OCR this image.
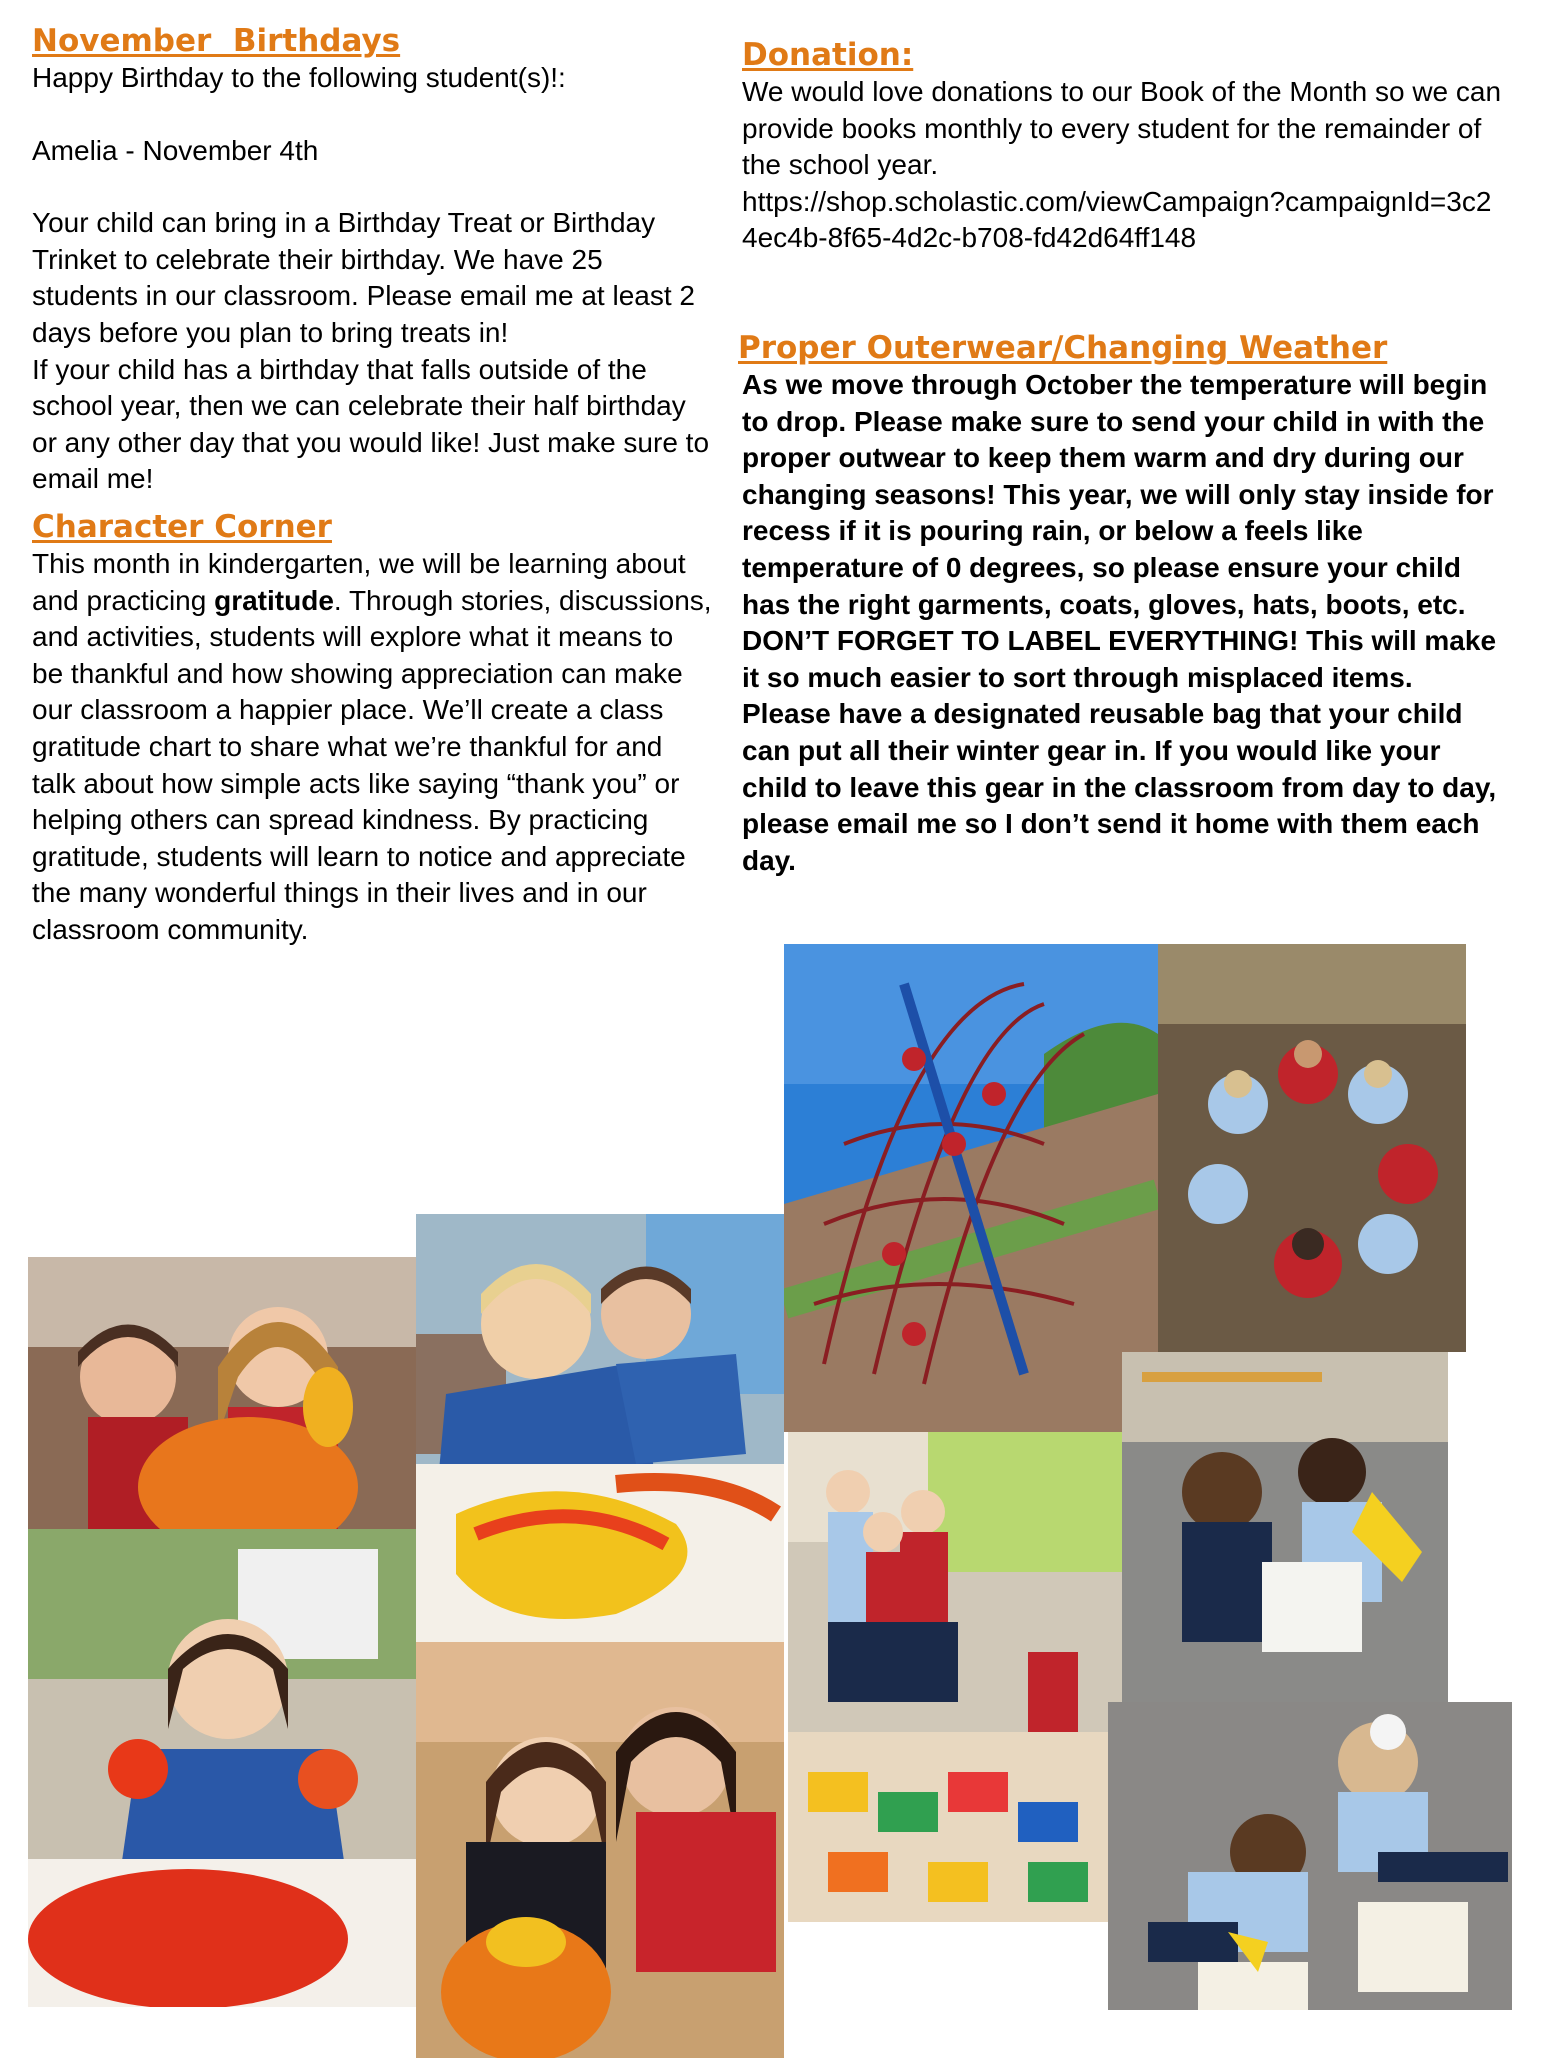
November  Birthdays

Happy Birthday to the following student(s)!:

Amelia - November 4th

Your child can bring in a Birthday Treat or Birthday Trinket to celebrate their birthday. We have 25 students in our classroom. Please email me at least 2 days before you plan to bring treats in!

If your child has a birthday that falls outside of the school year, then we can celebrate their half birthday or any other day that you would like! Just make sure to email me!

Character Corner

This month in kindergarten, we will be learning about and practicing gratitude. Through stories, discussions, and activities, students will explore what it means to be thankful and how showing appreciation can make our classroom a happier place. We’ll create a class gratitude chart to share what we’re thankful for and talk about how simple acts like saying “thank you” or helping others can spread kindness. By practicing gratitude, students will learn to notice and appreciate the many wonderful things in their lives and in our classroom community.

Donation:

We would love donations to our Book of the Month so we can provide books monthly to every student for the remainder of the school year.

https://shop.scholastic.com/viewCampaign?campaignId=3c24ec4b-8f65-4d2c-b708-fd42d64ff148

Proper Outerwear/Changing Weather

As we move through October the temperature will begin to drop. Please make sure to send your child in with the proper outwear to keep them warm and dry during our changing seasons! This year, we will only stay inside for recess if it is pouring rain, or below a feels like temperature of 0 degrees, so please ensure your child has the right garments, coats, gloves, hats, boots, etc. DON’T FORGET TO LABEL EVERYTHING! This will make it so much easier to sort through misplaced items. Please have a designated reusable bag that your child can put all their winter gear in. If you would like your child to leave this gear in the classroom from day to day, please email me so I don’t send it home with them each day.
